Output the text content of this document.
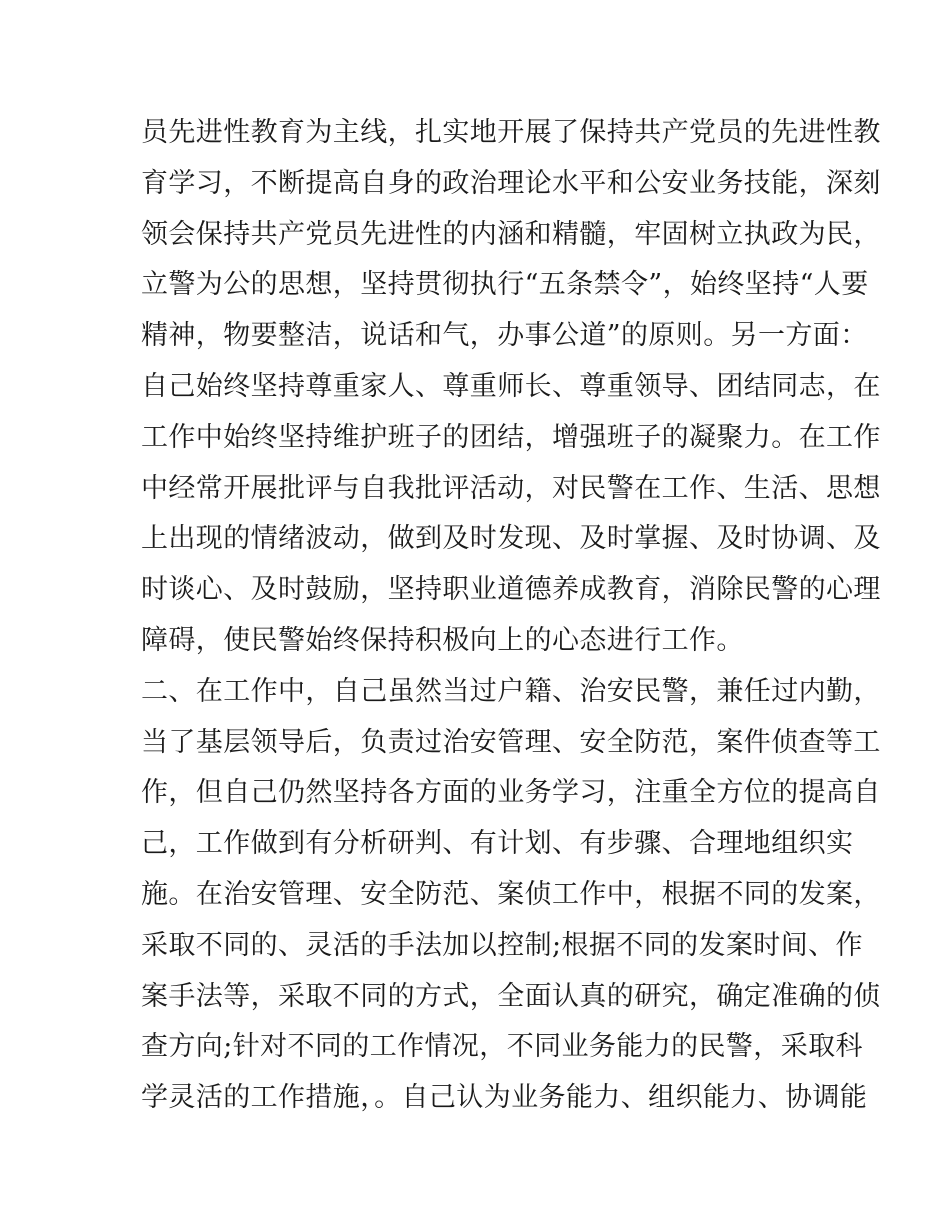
员先进性教育为主线，扎实地开展了保持共产党员的先进性教
育学习，不断提高自身的政治理论水平和公安业务技能，深刻
领会保持共产党员先进性的内涵和精髓，牢固树立执政为民，
立警为公的思想，坚持贯彻执行“五条禁令”，始终坚持“人要
精神，物要整洁，说话和气，办事公道”的原则。另一方面：
自己始终坚持尊重家人、尊重师长、尊重领导、团结同志，在
工作中始终坚持维护班子的团结，增强班子的凝聚力。在工作
中经常开展批评与自我批评活动，对民警在工作、生活、思想
上出现的情绪波动，做到及时发现、及时掌握、及时协调、及
时谈心、及时鼓励，坚持职业道德养成教育，消除民警的心理
障碍，使民警始终保持积极向上的心态进行工作。
二、在工作中，自己虽然当过户籍、治安民警，兼任过内勤，
当了基层领导后，负责过治安管理、安全防范，案件侦查等工
作，但自己仍然坚持各方面的业务学习，注重全方位的提高自
己，工作做到有分析研判、有计划、有步骤、合理地组织实
施。在治安管理、安全防范、案侦工作中，根据不同的发案，
采取不同的、灵活的手法加以控制;根据不同的发案时间、作
案手法等，采取不同的方式，全面认真的研究，确定准确的侦
查方向;针对不同的工作情况，不同业务能力的民警，采取科
学灵活的工作措施，。自己认为业务能力、组织能力、协调能
